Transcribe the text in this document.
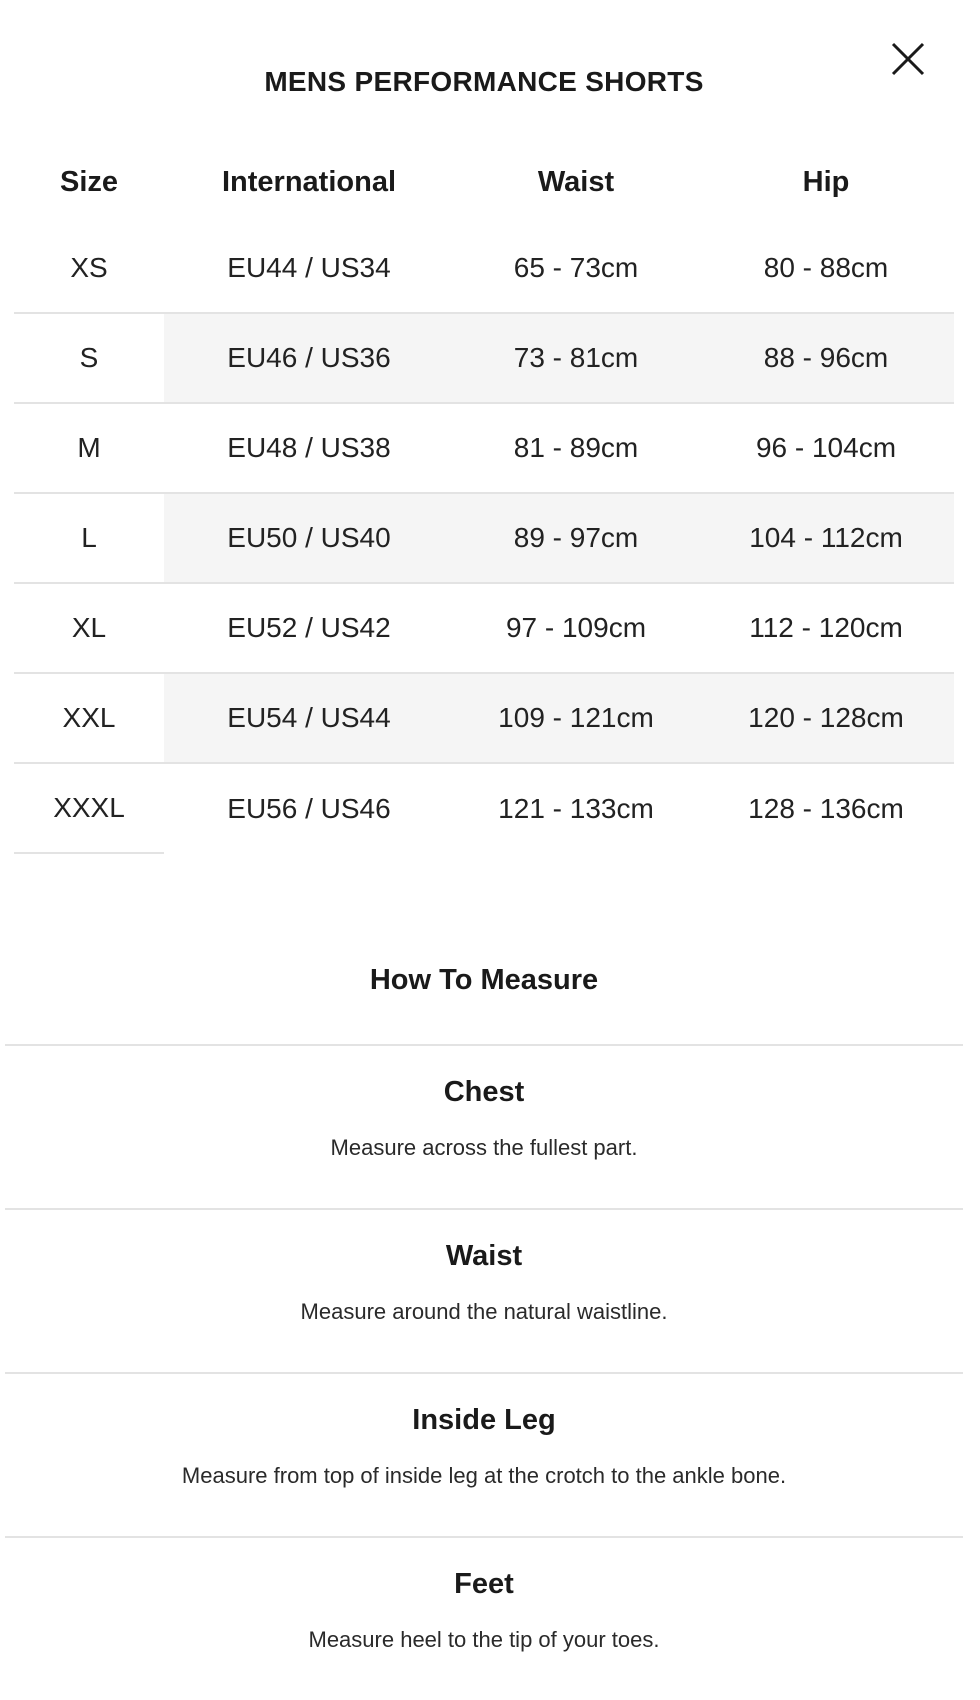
MENS PERFORMANCE SHORTS
Size	International	Waist	Hip
XS	EU44 / US34	65 - 73cm	80 - 88cm
S	EU46 / US36	73 - 81cm	88 - 96cm
M	EU48 / US38	81 - 89cm	96 - 104cm
L	EU50 / US40	89 - 97cm	104 - 112cm
XL	EU52 / US42	97 - 109cm	112 - 120cm
XXL	EU54 / US44	109 - 121cm	120 - 128cm
XXXL	EU56 / US46	121 - 133cm	128 - 136cm
How To Measure
Chest
Measure across the fullest part.
Waist
Measure around the natural waistline.
Inside Leg
Measure from top of inside leg at the crotch to the ankle bone.
Feet
Measure heel to the tip of your toes.
